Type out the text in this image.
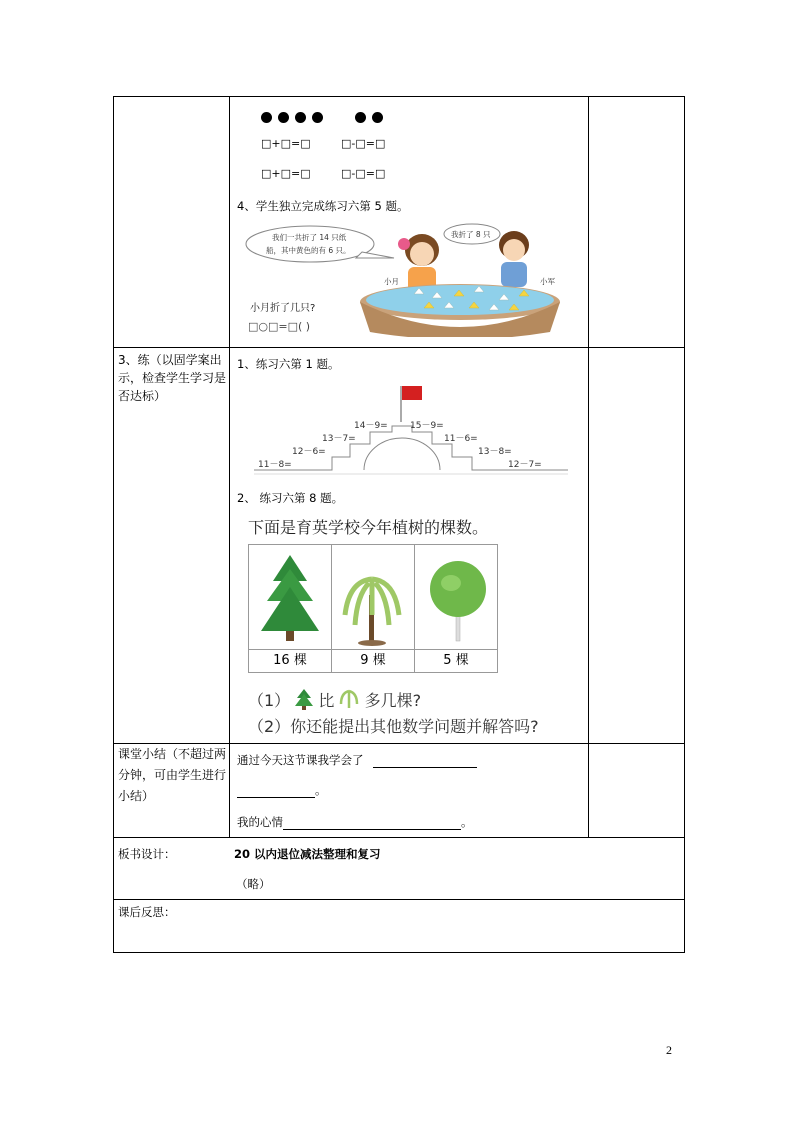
□+□=□	□-□=□
□+□=□	□-□=□
4、学生独立完成练习六第 5 题。
我们一共折了 14 只纸
船，其中黄色的有 6 只。
我折了 8 只
小月	小军
小月折了几只?
□○□=□( )
3、练（以固学案出示，检查学生学习是否达标）
1、练习六第 1 题。
14－9= 15－9=
13－7=	11－6=
12－6=	13－8=
11－8=	12－7=
2、 练习六第 8 题。
下面是育英学校今年植树的棵数。
16 棵	9 棵	5 棵
（1） 比 多几棵?
（2）你还能提出其他数学问题并解答吗?
课堂小结（不超过两分钟，可由学生进行小结）
通过今天这节课我学会了
。
我的心情	。
板书设计：	20 以内退位减法整理和复习
（略）
课后反思：
2
